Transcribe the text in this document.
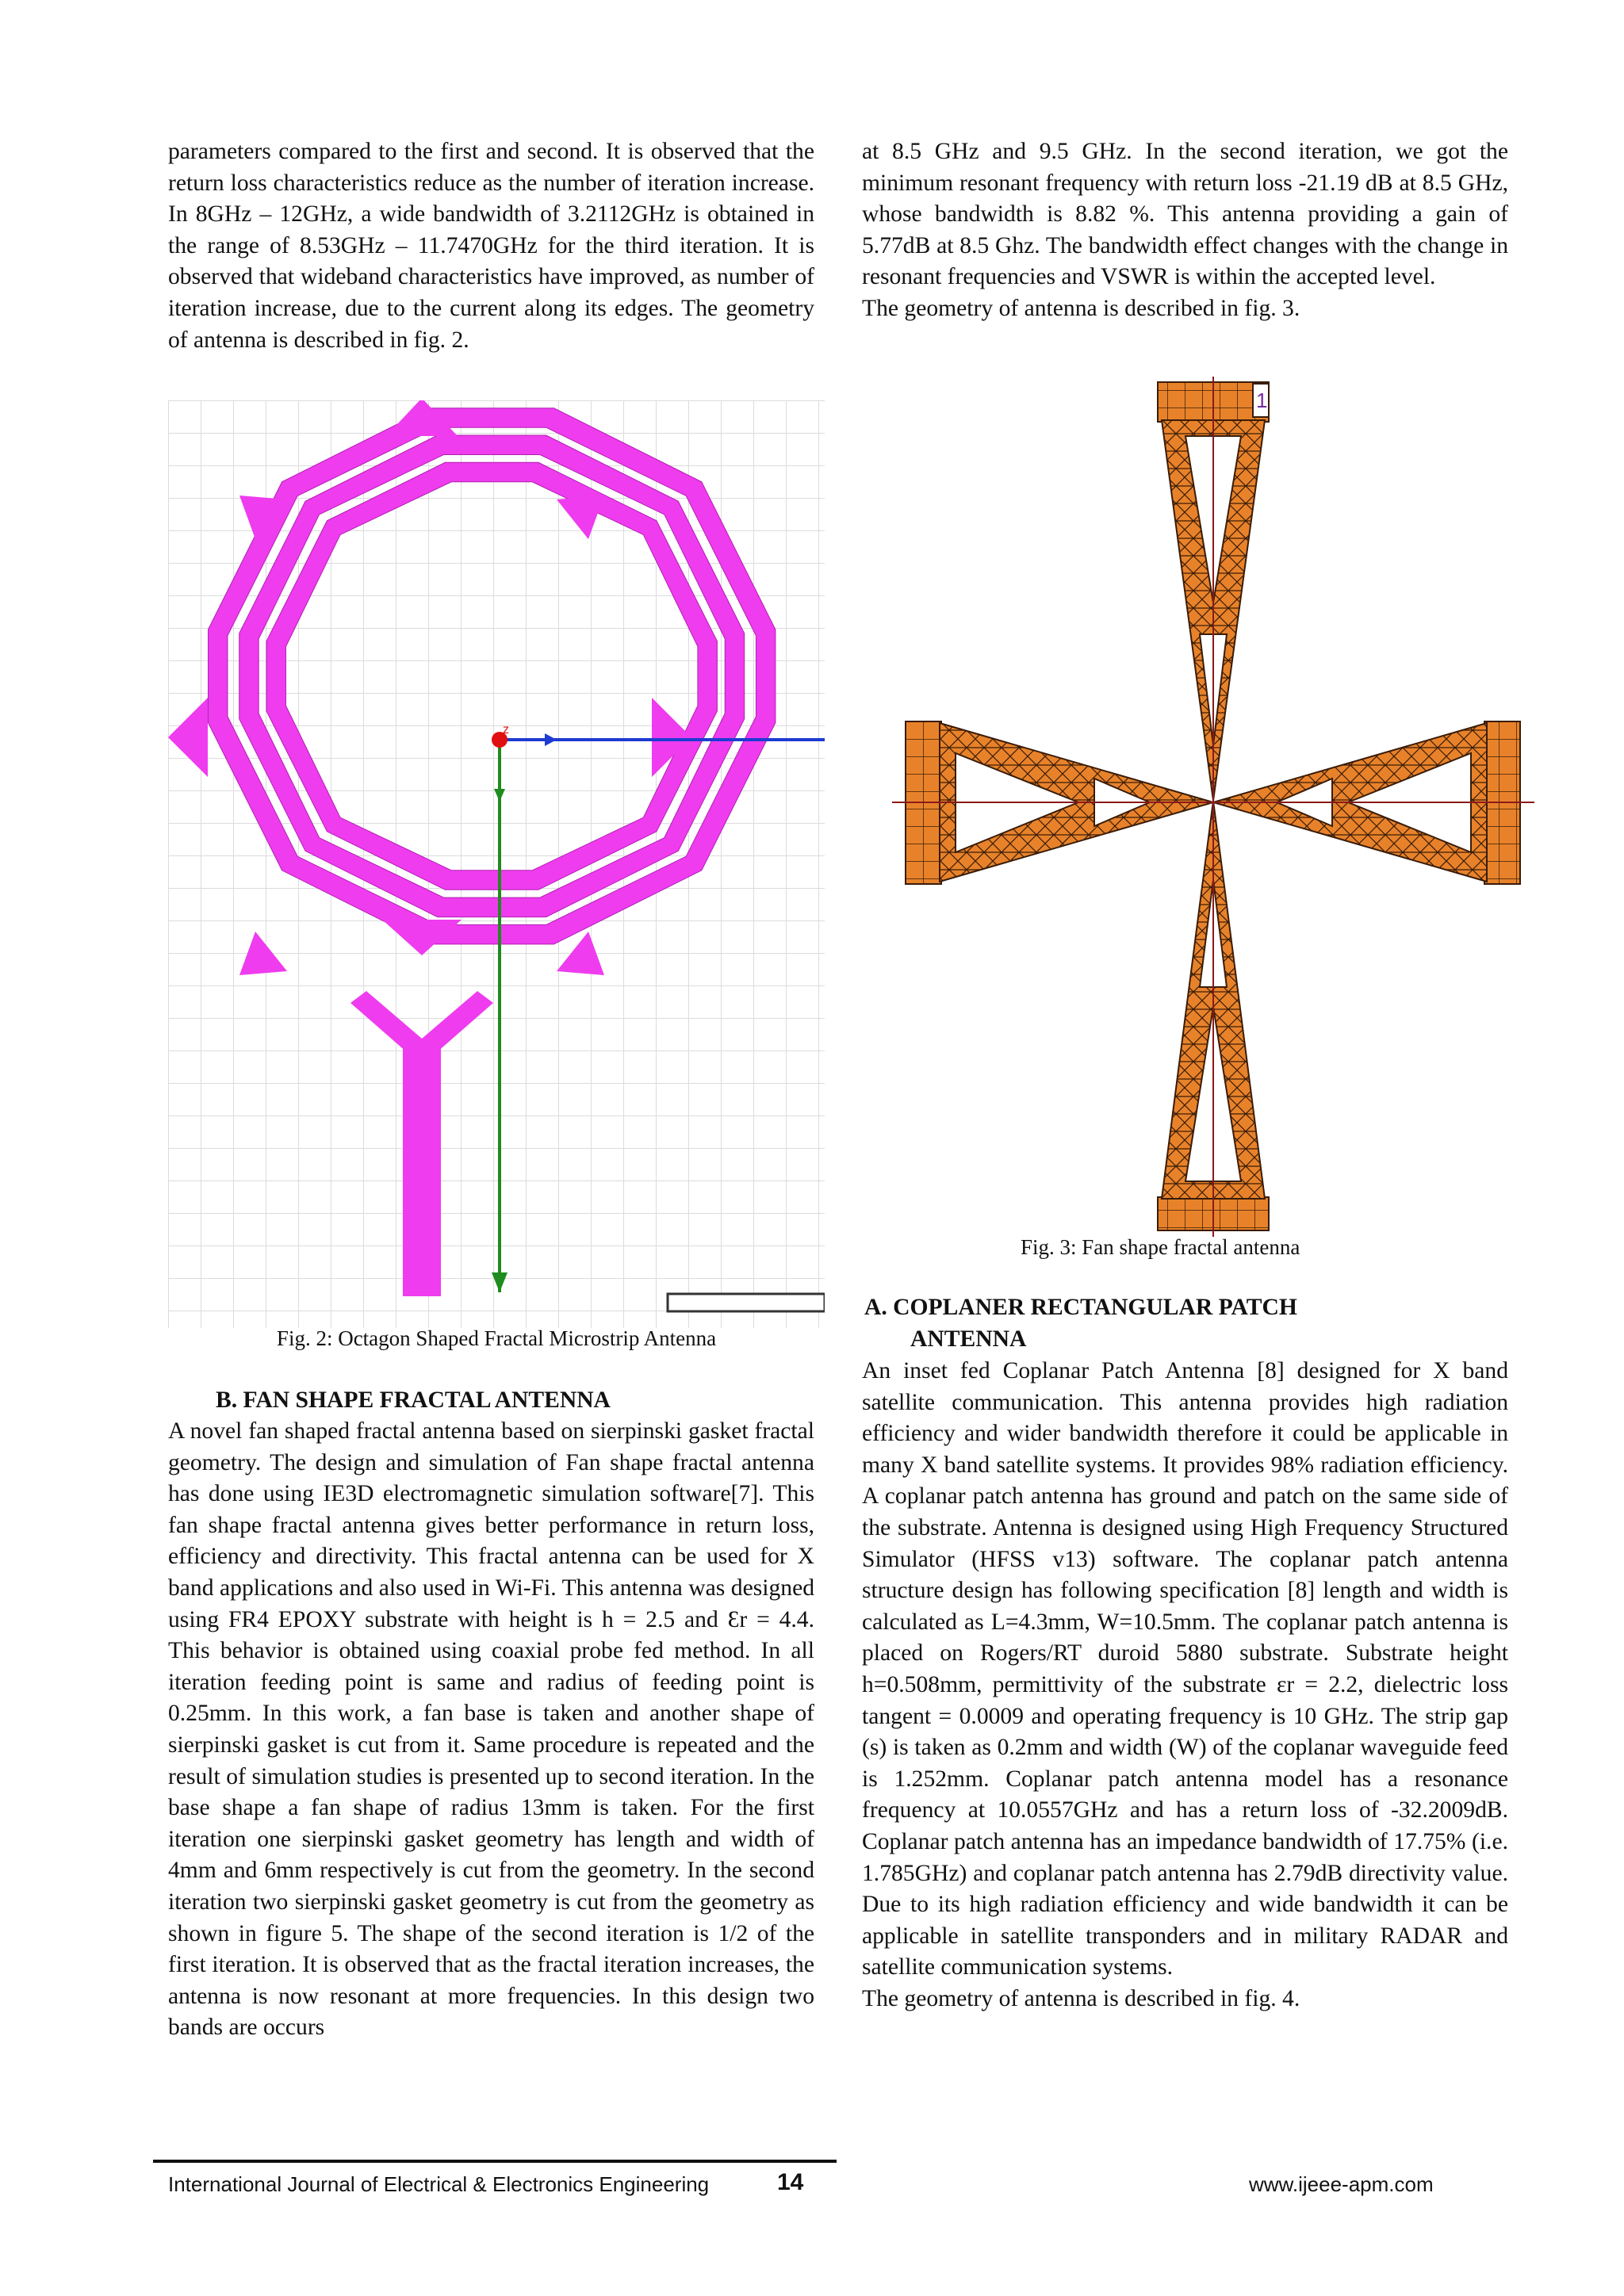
parameters compared to the first and second. It is observed that the return loss characteristics reduce as the number of iteration increase. In 8GHz – 12GHz, a wide bandwidth of 3.2112GHz is obtained in the range of 8.53GHz – 11.7470GHz for the third iteration. It is observed that wideband characteristics have improved, as number of iteration increase, due to the current along its edges. The geometry of antenna is described in fig. 2.

z
Fig. 2: Octagon Shaped Fractal Microstrip Antenna
B. FAN SHAPE FRACTAL ANTENNA

A novel fan shaped fractal antenna based on sierpinski gasket fractal geometry. The design and simulation of Fan shape fractal antenna has done using IE3D electromagnetic simulation software[7]. This fan shape fractal antenna gives better performance in return loss, efficiency and directivity. This fractal antenna can be used for X band applications and also used in Wi-Fi. This antenna was designed using FR4 EPOXY substrate with height is h = 2.5 and Ɛr = 4.4. This behavior is obtained using coaxial probe fed method. In all iteration feeding point is same and radius of feeding point is 0.25mm. In this work, a fan base is taken and another shape of sierpinski gasket is cut from it. Same procedure is repeated and the result of simulation studies is presented up to second iteration. In the base shape a fan shape of radius 13mm is taken. For the first iteration one sierpinski gasket geometry has length and width of 4mm and 6mm respectively is cut from the geometry. In the second iteration two sierpinski gasket geometry is cut from the geometry as shown in figure 5. The shape of the second iteration is 1/2 of the first iteration. It is observed that as the fractal iteration increases, the antenna is now resonant at more frequencies. In this design two bands are occurs

at 8.5 GHz and 9.5 GHz. In the second iteration, we got the minimum resonant frequency with return loss -21.19 dB at 8.5 GHz, whose bandwidth is 8.82 %. This antenna providing a gain of 5.77dB at 8.5 Ghz. The bandwidth effect changes with the change in resonant frequencies and VSWR is within the accepted level.

The geometry of antenna is described in fig. 3.

1
Fig. 3: Fan shape fractal antenna
A. COPLANER RECTANGULAR PATCH
ANTENNA

An inset fed Coplanar Patch Antenna [8] designed for X band satellite communication. This antenna provides high radiation efficiency and wider bandwidth therefore it could be applicable in many X band satellite systems. It provides 98% radiation efficiency. A coplanar patch antenna has ground and patch on the same side of the substrate. Antenna is designed using High Frequency Structured Simulator (HFSS v13) software. The coplanar patch antenna structure design has following specification [8] length and width is calculated as L=4.3mm, W=10.5mm. The coplanar patch antenna is placed on Rogers/RT duroid 5880 substrate. Substrate height h=0.508mm, permittivity of the substrate εr = 2.2, dielectric loss tangent = 0.0009 and operating frequency is 10 GHz. The strip gap (s) is taken as 0.2mm and width (W) of the coplanar waveguide feed is 1.252mm. Coplanar patch antenna model has a resonance frequency at 10.0557GHz and has a return loss of -32.2009dB. Coplanar patch antenna has an impedance bandwidth of 17.75% (i.e. 1.785GHz) and coplanar patch antenna has 2.79dB directivity value. Due to its high radiation efficiency and wide bandwidth it can be applicable in satellite transponders and in military RADAR and satellite communication systems.

The geometry of antenna is described in fig. 4.

International Journal of Electrical & Electronics Engineering	14	www.ijeee-apm.com
